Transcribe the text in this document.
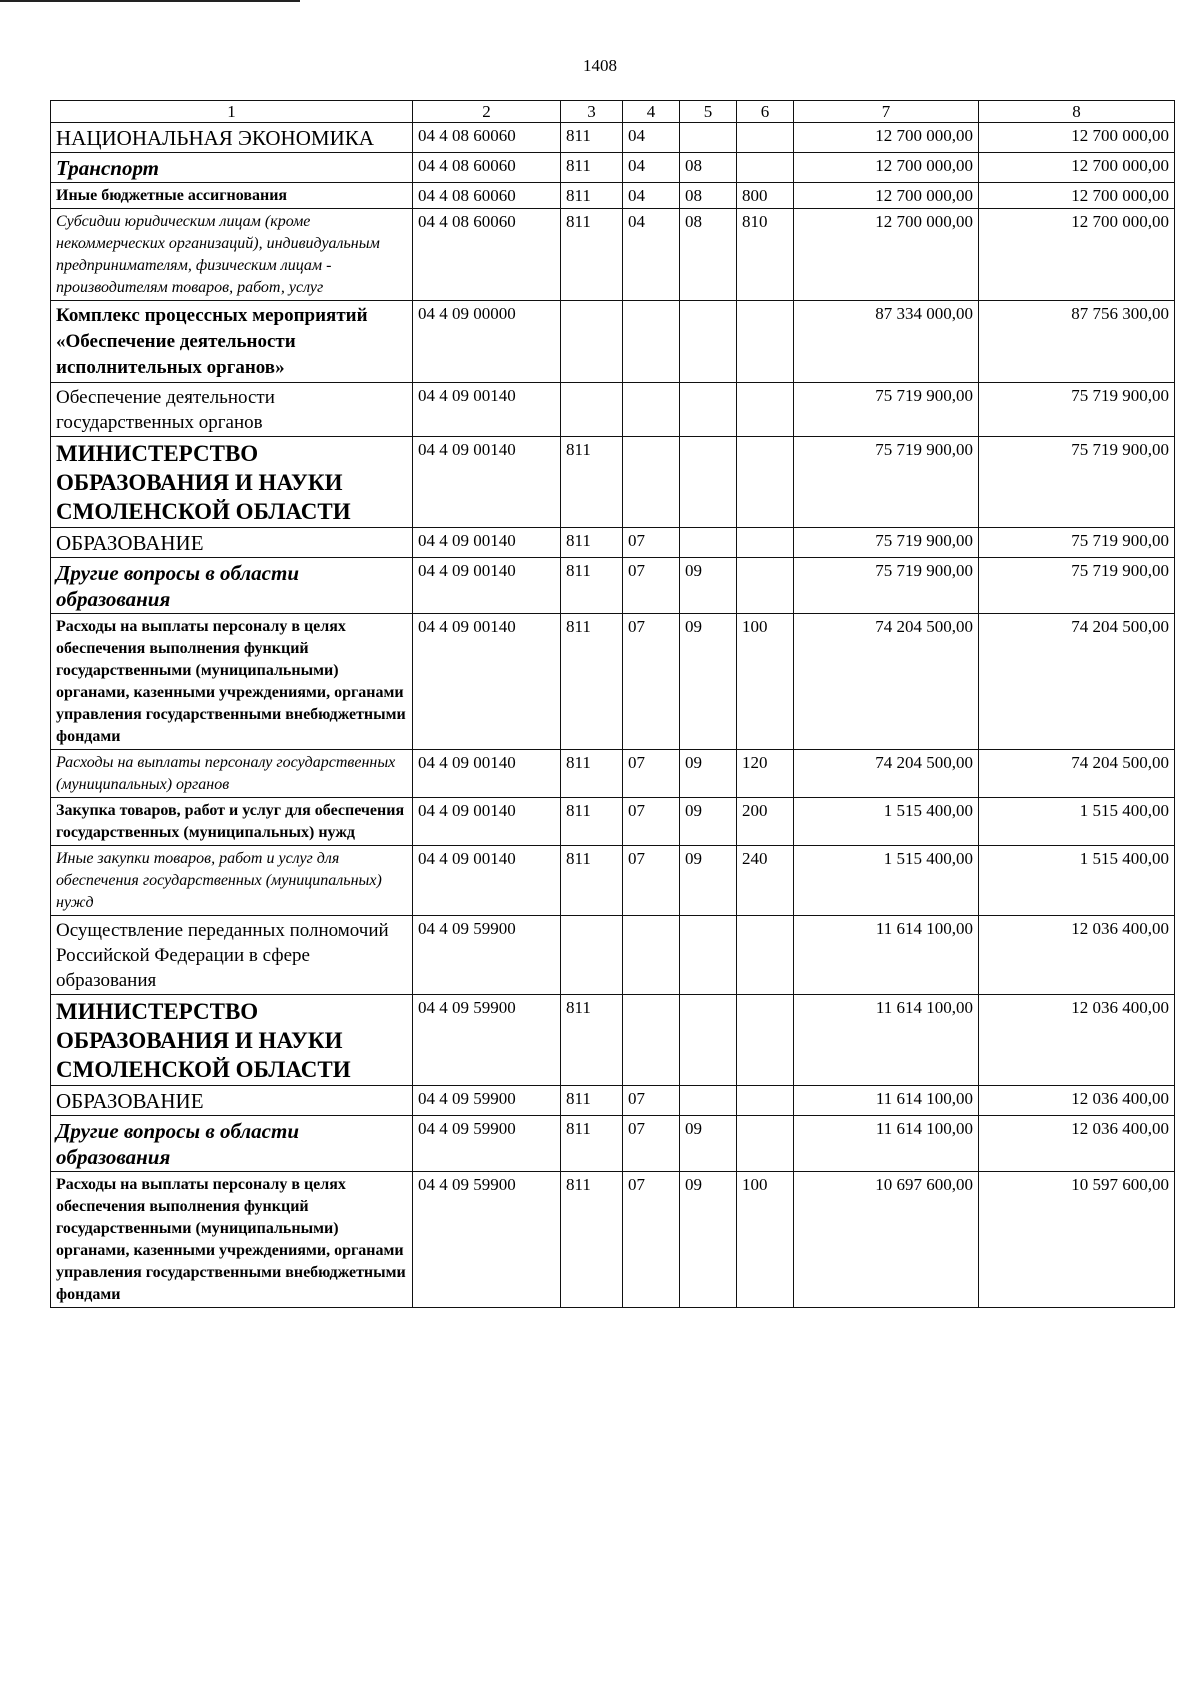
1408
1	2	3	4	5	6	7	8
НАЦИОНАЛЬНАЯ ЭКОНОМИКА	04 4 08 60060	811	04			12 700 000,00	12 700 000,00
Транспорт	04 4 08 60060	811	04	08		12 700 000,00	12 700 000,00
Иные бюджетные ассигнования	04 4 08 60060	811	04	08	800	12 700 000,00	12 700 000,00
Субсидии юридическим лицам (кроме некоммерческих организаций), индивидуальным предпринимателям, физическим лицам - производителям товаров, работ, услуг	04 4 08 60060	811	04	08	810	12 700 000,00	12 700 000,00
Комплекс процессных мероприятий «Обеспечение деятельности исполнительных органов»	04 4 09 00000					87 334 000,00	87 756 300,00
Обеспечение деятельности государственных органов	04 4 09 00140					75 719 900,00	75 719 900,00
МИНИСТЕРСТВО ОБРАЗОВАНИЯ И НАУКИ СМОЛЕНСКОЙ ОБЛАСТИ	04 4 09 00140	811				75 719 900,00	75 719 900,00
ОБРАЗОВАНИЕ	04 4 09 00140	811	07			75 719 900,00	75 719 900,00
Другие вопросы в области образования	04 4 09 00140	811	07	09		75 719 900,00	75 719 900,00
Расходы на выплаты персоналу в целях обеспечения выполнения функций государственными (муниципальными) органами, казенными учреждениями, органами управления государственными внебюджетными фондами	04 4 09 00140	811	07	09	100	74 204 500,00	74 204 500,00
Расходы на выплаты персоналу государственных (муниципальных) органов	04 4 09 00140	811	07	09	120	74 204 500,00	74 204 500,00
Закупка товаров, работ и услуг для обеспечения государственных (муниципальных) нужд	04 4 09 00140	811	07	09	200	1 515 400,00	1 515 400,00
Иные закупки товаров, работ и услуг для обеспечения государственных (муниципальных) нужд	04 4 09 00140	811	07	09	240	1 515 400,00	1 515 400,00
Осуществление переданных полномочий Российской Федерации в сфере образования	04 4 09 59900					11 614 100,00	12 036 400,00
МИНИСТЕРСТВО ОБРАЗОВАНИЯ И НАУКИ СМОЛЕНСКОЙ ОБЛАСТИ	04 4 09 59900	811				11 614 100,00	12 036 400,00
ОБРАЗОВАНИЕ	04 4 09 59900	811	07			11 614 100,00	12 036 400,00
Другие вопросы в области образования	04 4 09 59900	811	07	09		11 614 100,00	12 036 400,00
Расходы на выплаты персоналу в целях обеспечения выполнения функций государственными (муниципальными) органами, казенными учреждениями, органами управления государственными внебюджетными фондами	04 4 09 59900	811	07	09	100	10 697 600,00	10 597 600,00
